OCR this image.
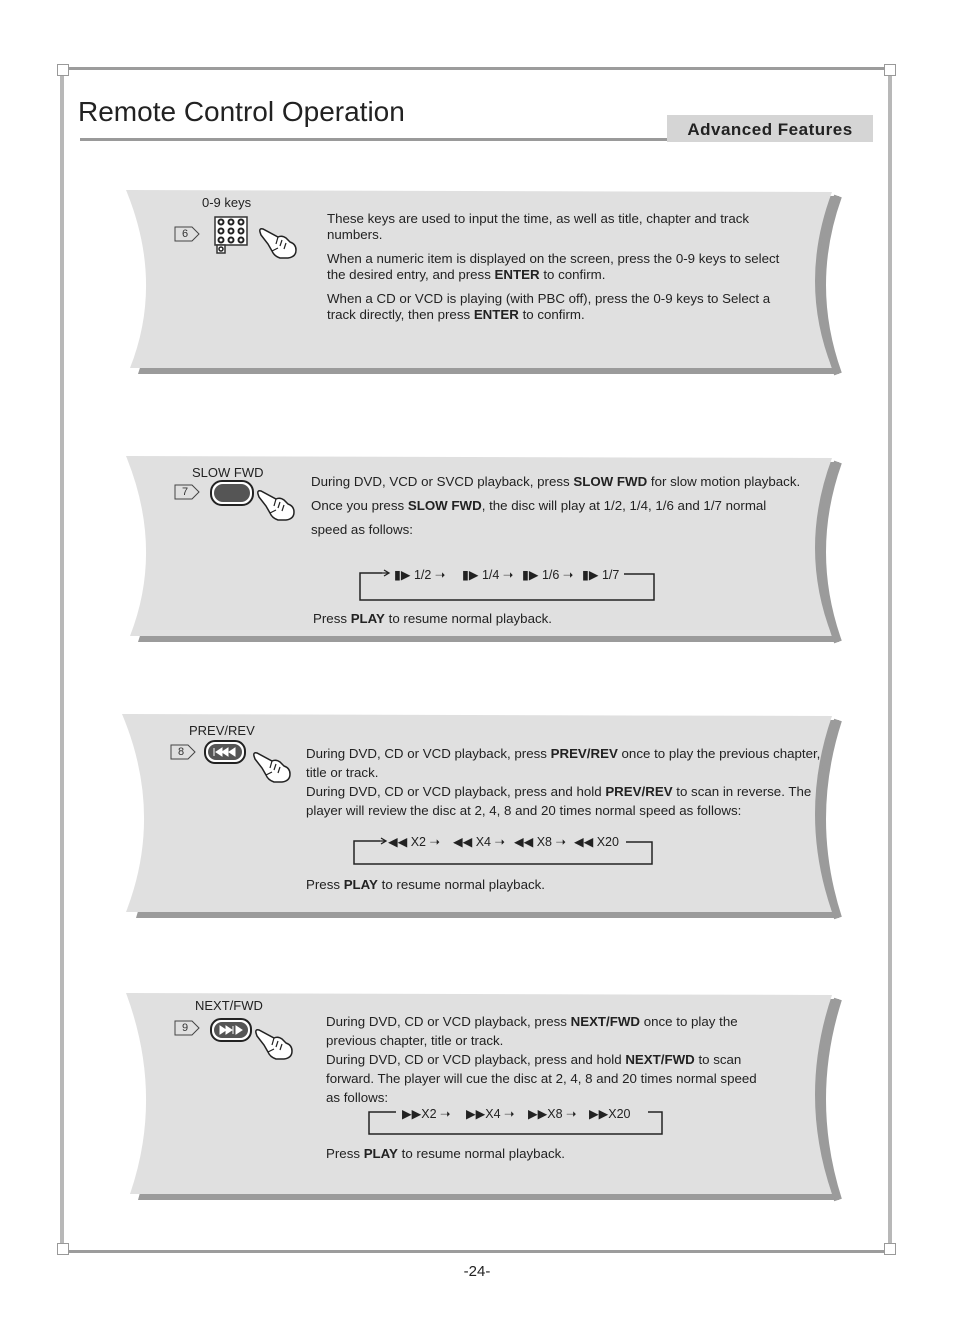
Remote Control Operation
Advanced Features
0-9 keys
6

These keys are used to input the time, as well as title, chapter and track numbers.

When a numeric item is displayed on the screen, press the 0-9 keys to select the desired entry, and press ENTER to confirm.

When a CD or VCD is playing (with PBC off), press the 0-9 keys to Select a track directly, then press ENTER to confirm.

SLOW FWD
7

During DVD, VCD or SVCD playback, press SLOW FWD for slow motion playback.

Once you press SLOW FWD, the disc will play at 1/2, 1/4, 1/6 and 1/7 normal speed as follows:

▮▶ 1/2 ➝ ▮▶ 1/4 ➝ ▮▶ 1/6 ➝ ▮▶ 1/7
Press PLAY to resume normal playback.
PREV/REV
8	During DVD, CD or VCD playback, press PREV/REV once to play the previous chapter, title or track.

During DVD, CD or VCD playback, press and hold PREV/REV to scan in reverse. The player will review the disc at 2, 4, 8 and 20 times normal speed as follows:

◀◀ X2 ➝ ◀◀ X4 ➝ ◀◀ X8 ➝ ◀◀ X20
Press PLAY to resume normal playback.
NEXT/FWD
9	During DVD, CD or VCD playback, press NEXT/FWD once to play the previous chapter, title or track.

During DVD, CD or VCD playback, press and hold NEXT/FWD to scan forward. The player will cue the disc at 2, 4, 8 and 20 times normal speed as follows:

▶▶X2 ➝ ▶▶X4 ➝ ▶▶X8 ➝ ▶▶X20
Press PLAY to resume normal playback.
-24-
